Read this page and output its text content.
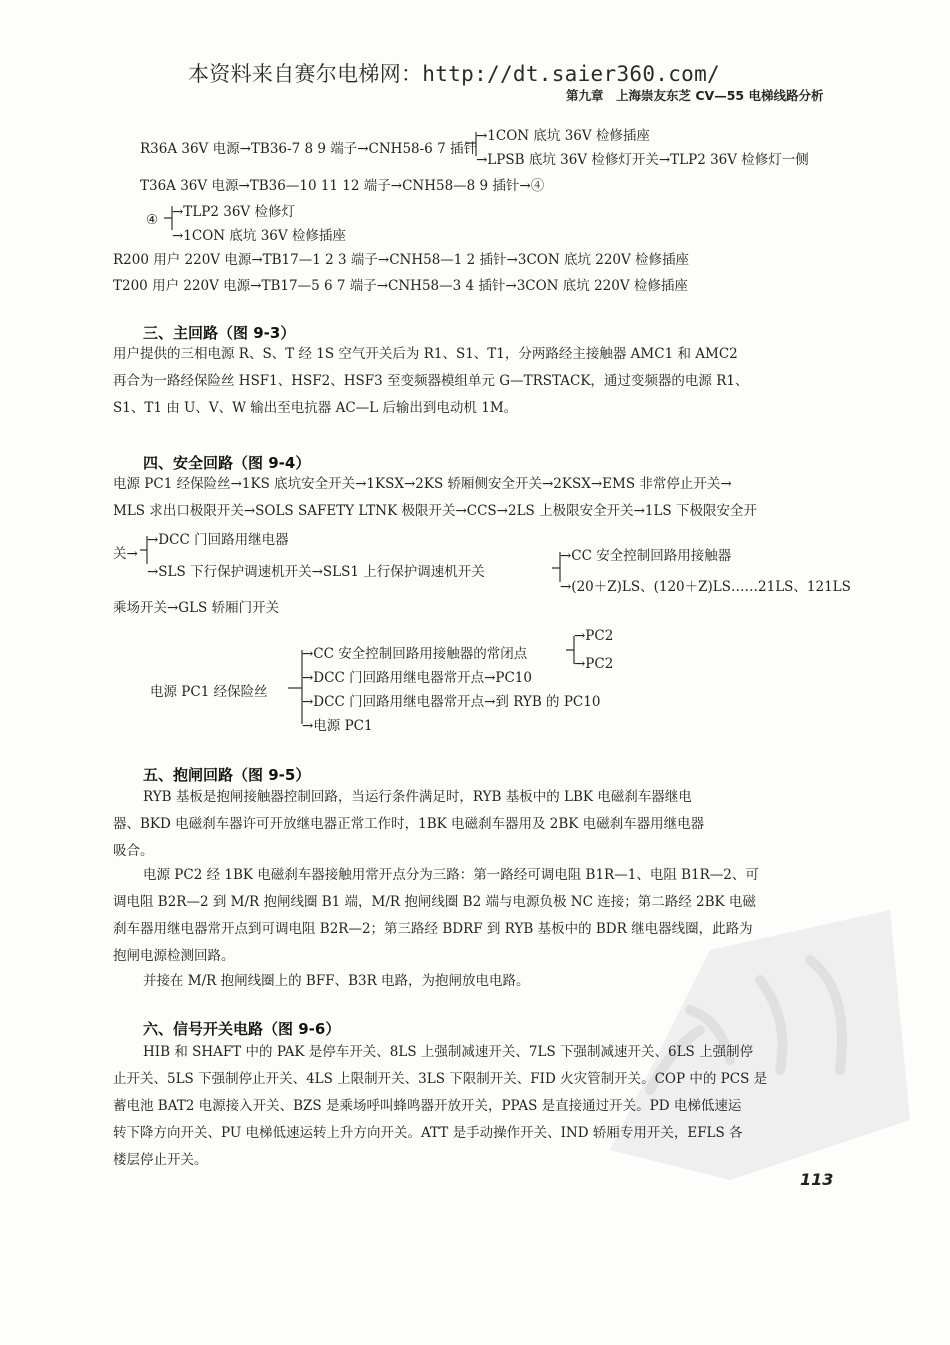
本资料来自赛尔电梯网：http://dt.saier360.com/
第九章　上海崇友东芝 CV—55 电梯线路分析
R36A 36V 电源→TB36-7 8 9 端子→CNH58-6 7 插针
→1CON 底坑 36V 检修插座
→LPSB 底坑 36V 检修灯开关→TLP2 36V 检修灯一侧
T36A 36V 电源→TB36—10 11 12 端子→CNH58—8 9 插针→④
④ →TLP2 36V 检修灯
→1CON 底坑 36V 检修插座
R200 用户 220V 电源→TB17—1 2 3 端子→CNH58—1 2 插针→3CON 底坑 220V 检修插座
T200 用户 220V 电源→TB17—5 6 7 端子→CNH58—3 4 插针→3CON 底坑 220V 检修插座
三、主回路（图 9-3）
用户提供的三相电源 R、S、T 经 1S 空气开关后为 R1、S1、T1，分两路经主接触器 AMC1 和 AMC2
再合为一路经保险丝 HSF1、HSF2、HSF3 至变频器模组单元 G—TRSTACK，通过变频器的电源 R1、
S1、T1 由 U、V、W 输出至电抗器 AC—L 后输出到电动机 1M。
四、安全回路（图 9-4）
电源 PC1 经保险丝→1KS 底坑安全开关→1KSX→2KS 轿厢侧安全开关→2KSX→EMS 非常停止开关→
MLS 求出口极限开关→SOLS SAFETY LTNK 极限开关→CCS→2LS 上极限安全开关→1LS 下极限安全开
关→
→DCC 门回路用继电器
→SLS 下行保护调速机开关→SLS1 上行保护调速机开关
→CC 安全控制回路用接触器
→(20＋Z)LS、(120＋Z)LS……21LS、121LS
乘场开关→GLS 轿厢门开关
电源 PC1 经保险丝
→CC 安全控制回路用接触器的常闭点
→DCC 门回路用继电器常开点→PC10
→DCC 门回路用继电器常开点→到 RYB 的 PC10
→电源 PC1
→PC2
→PC2
五、抱闸回路（图 9-5）
RYB 基板是抱闸接触器控制回路，当运行条件满足时，RYB 基板中的 LBK 电磁刹车器继电
器、BKD 电磁刹车器许可开放继电器正常工作时，1BK 电磁刹车器用及 2BK 电磁刹车器用继电器
吸合。
电源 PC2 经 1BK 电磁刹车器接触用常开点分为三路：第一路经可调电阻 B1R—1、电阻 B1R—2、可
调电阻 B2R—2 到 M/R 抱闸线圈 B1 端，M/R 抱闸线圈 B2 端与电源负极 NC 连接；第二路经 2BK 电磁
刹车器用继电器常开点到可调电阻 B2R—2；第三路经 BDRF 到 RYB 基板中的 BDR 继电器线圈，此路为
抱闸电源检测回路。
并接在 M/R 抱闸线圈上的 BFF、B3R 电路，为抱闸放电电路。
六、信号开关电路（图 9-6）
HIB 和 SHAFT 中的 PAK 是停车开关、8LS 上强制减速开关、7LS 下强制减速开关、6LS 上强制停
止开关、5LS 下强制停止开关、4LS 上限制开关、3LS 下限制开关、FID 火灾管制开关。COP 中的 PCS 是
蓄电池 BAT2 电源接入开关、BZS 是乘场呼叫蜂鸣器开放开关，PPAS 是直接通过开关。PD 电梯低速运
转下降方向开关、PU 电梯低速运转上升方向开关。ATT 是手动操作开关、IND 轿厢专用开关，EFLS 各
楼层停止开关。
113
